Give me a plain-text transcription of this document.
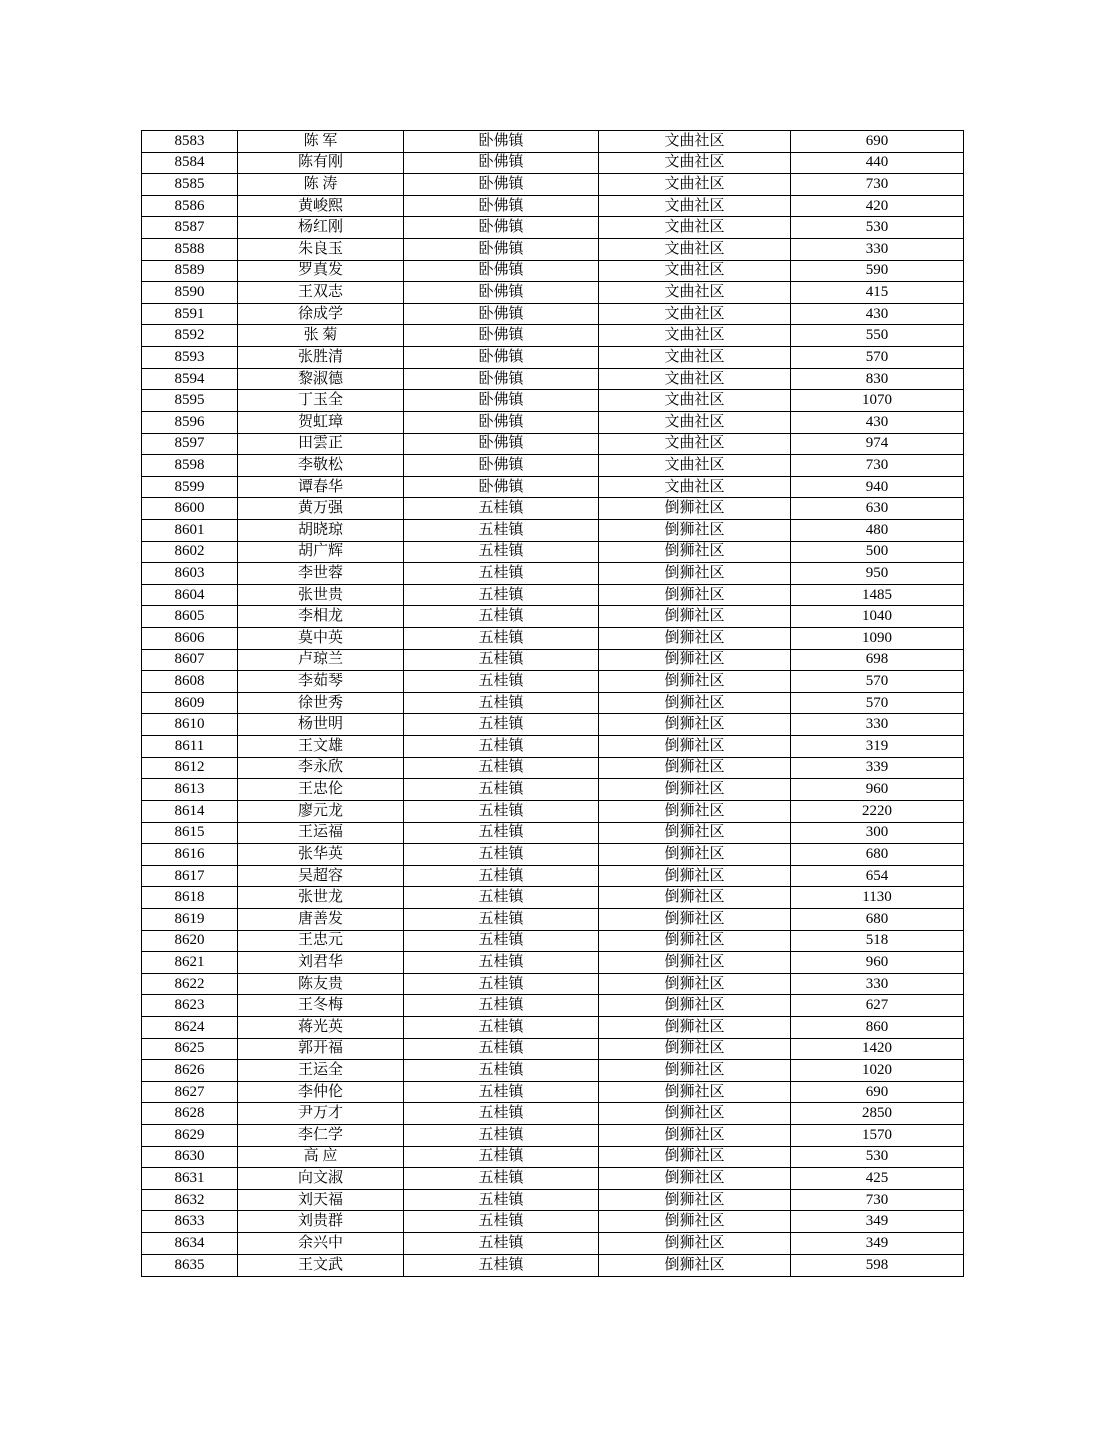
8583	陈 军	卧佛镇	文曲社区	690
8584	陈有刚	卧佛镇	文曲社区	440
8585	陈 涛	卧佛镇	文曲社区	730
8586	黄峻熙	卧佛镇	文曲社区	420
8587	杨红刚	卧佛镇	文曲社区	530
8588	朱良玉	卧佛镇	文曲社区	330
8589	罗真发	卧佛镇	文曲社区	590
8590	王双志	卧佛镇	文曲社区	415
8591	徐成学	卧佛镇	文曲社区	430
8592	张 菊	卧佛镇	文曲社区	550
8593	张胜清	卧佛镇	文曲社区	570
8594	黎淑德	卧佛镇	文曲社区	830
8595	丁玉全	卧佛镇	文曲社区	1070
8596	贺虹璋	卧佛镇	文曲社区	430
8597	田雲正	卧佛镇	文曲社区	974
8598	李敬松	卧佛镇	文曲社区	730
8599	谭春华	卧佛镇	文曲社区	940
8600	黄万强	五桂镇	倒狮社区	630
8601	胡晓琼	五桂镇	倒狮社区	480
8602	胡广辉	五桂镇	倒狮社区	500
8603	李世蓉	五桂镇	倒狮社区	950
8604	张世贵	五桂镇	倒狮社区	1485
8605	李相龙	五桂镇	倒狮社区	1040
8606	莫中英	五桂镇	倒狮社区	1090
8607	卢琼兰	五桂镇	倒狮社区	698
8608	李茹琴	五桂镇	倒狮社区	570
8609	徐世秀	五桂镇	倒狮社区	570
8610	杨世明	五桂镇	倒狮社区	330
8611	王文雄	五桂镇	倒狮社区	319
8612	李永欣	五桂镇	倒狮社区	339
8613	王忠伦	五桂镇	倒狮社区	960
8614	廖元龙	五桂镇	倒狮社区	2220
8615	王运福	五桂镇	倒狮社区	300
8616	张华英	五桂镇	倒狮社区	680
8617	吴超容	五桂镇	倒狮社区	654
8618	张世龙	五桂镇	倒狮社区	1130
8619	唐善发	五桂镇	倒狮社区	680
8620	王忠元	五桂镇	倒狮社区	518
8621	刘君华	五桂镇	倒狮社区	960
8622	陈友贵	五桂镇	倒狮社区	330
8623	王冬梅	五桂镇	倒狮社区	627
8624	蒋光英	五桂镇	倒狮社区	860
8625	郭开福	五桂镇	倒狮社区	1420
8626	王运全	五桂镇	倒狮社区	1020
8627	李仲伦	五桂镇	倒狮社区	690
8628	尹万才	五桂镇	倒狮社区	2850
8629	李仁学	五桂镇	倒狮社区	1570
8630	高 应	五桂镇	倒狮社区	530
8631	向文淑	五桂镇	倒狮社区	425
8632	刘天福	五桂镇	倒狮社区	730
8633	刘贵群	五桂镇	倒狮社区	349
8634	余兴中	五桂镇	倒狮社区	349
8635	王文武	五桂镇	倒狮社区	598
